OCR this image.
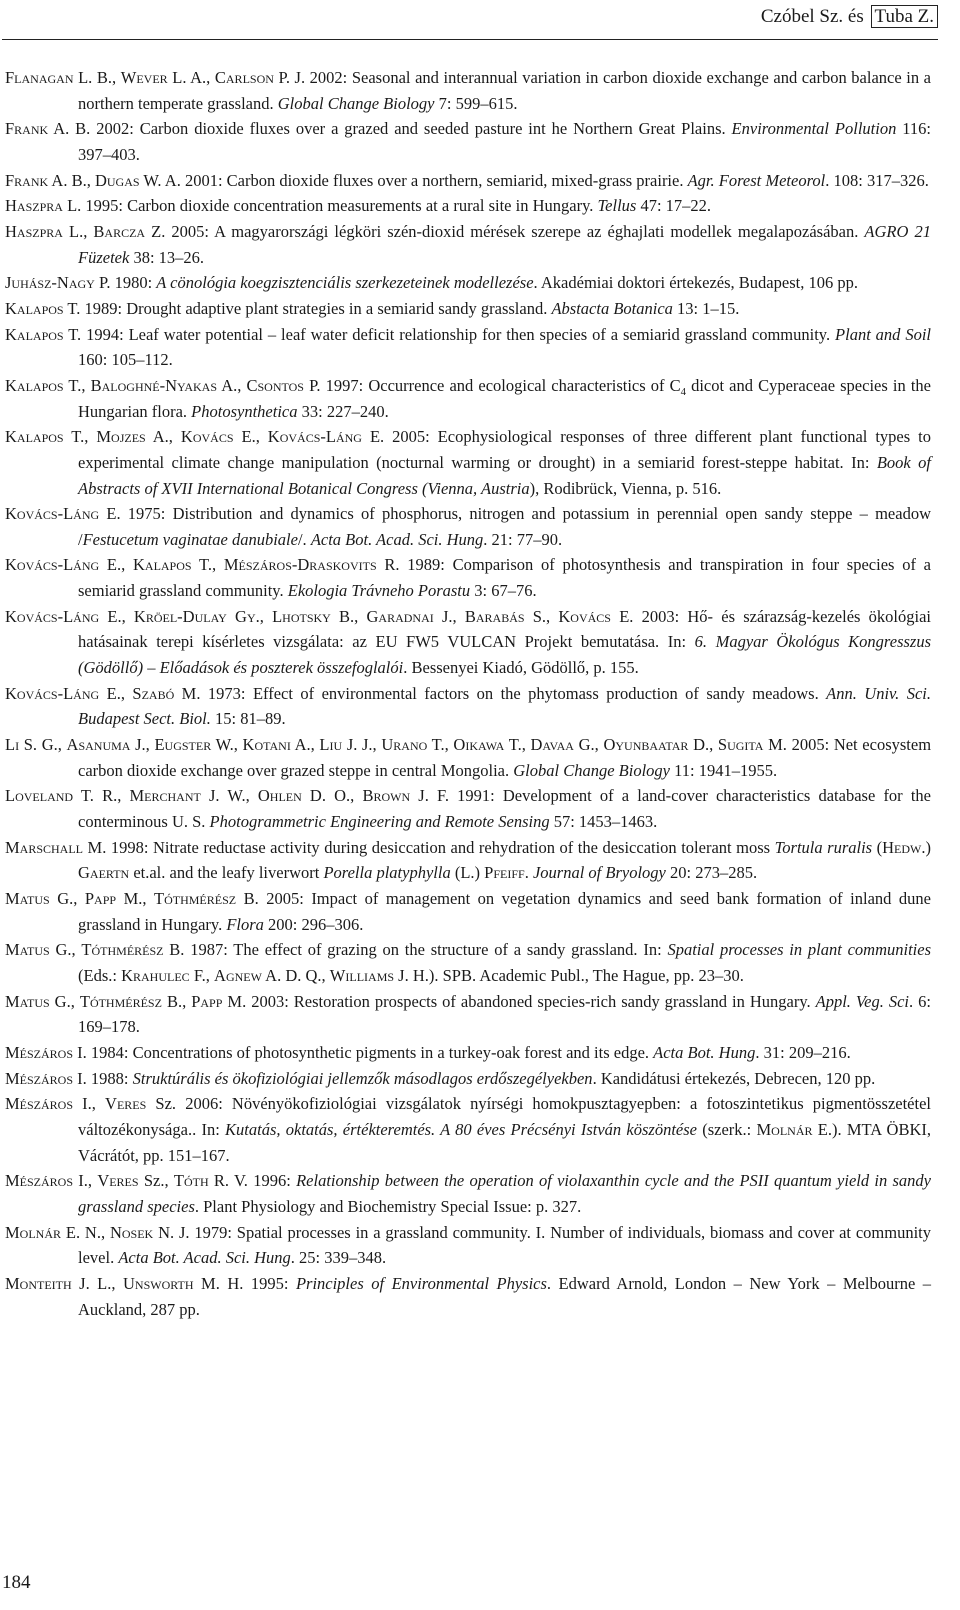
Czóbel Sz. és Tuba Z.

Flanagan L. B., Wever L. A., Carlson P. J. 2002: Seasonal and interannual variation in carbon dioxide exchange and carbon balance in a northern temperate grassland. Global Change Biology 7: 599–615.

Frank A. B. 2002: Carbon dioxide fluxes over a grazed and seeded pasture int he Northern Great Plains. Environmental Pollution 116: 397–403.

Frank A. B., Dugas W. A. 2001: Carbon dioxide fluxes over a northern, semiarid, mixed-grass prairie. Agr. Forest Meteorol. 108: 317–326.

Haszpra L. 1995: Carbon dioxide concentration measurements at a rural site in Hungary. Tellus 47: 17–22.

Haszpra L., Barcza Z. 2005: A magyarországi légköri szén-dioxid mérések szerepe az éghajlati modellek megalapozásában. AGRO 21 Füzetek 38: 13–26.

Juhász-Nagy P. 1980: A cönológia koegzisztenciális szerkezeteinek modellezése. Akadémiai doktori értekezés, Budapest, 106 pp.

Kalapos T. 1989: Drought adaptive plant strategies in a semiarid sandy grassland. Abstacta Botanica 13: 1–15.

Kalapos T. 1994: Leaf water potential – leaf water deficit relationship for then species of a semiarid grassland community. Plant and Soil 160: 105–112.

Kalapos T., Baloghné-Nyakas A., Csontos P. 1997: Occurrence and ecological characteristics of $C_4$ dicot and Cyperaceae species in the Hungarian flora. Photosynthetica 33: 227–240.

Kalapos T., Mojzes A., Kovács E., Kovács-Láng E. 2005: Ecophysiological responses of three different plant functional types to experimental climate change manipulation (nocturnal warming or drought) in a semiarid forest-steppe habitat. In: Book of Abstracts of XVII International Botanical Congress (Vienna, Austria), Rodibrück, Vienna, p. 516.

Kovács-Láng E. 1975: Distribution and dynamics of phosphorus, nitrogen and potassium in perennial open sandy steppe – meadow /Festucetum vaginatae danubiale/. Acta Bot. Acad. Sci. Hung. 21: 77–90.

Kovács-Láng E., Kalapos T., Mészáros-Draskovits R. 1989: Comparison of photosynthesis and transpiration in four species of a semiarid grassland community. Ekologia Trávneho Porastu 3: 67–76.

Kovács-Láng E., Kröel-Dulay Gy., Lhotsky B., Garadnai J., Barabás S., Kovács E. 2003: Hő- és szárazság-kezelés ökológiai hatásainak terepi kísérletes vizsgálata: az EU FW5 VULCAN Projekt bemutatása. In: 6. Magyar Ökológus Kongresszus (Gödöllő) – Előadások és poszterek összefoglalói. Bessenyei Kiadó, Gödöllő, p. 155.

Kovács-Láng E., Szabó M. 1973: Effect of environmental factors on the phytomass production of sandy meadows. Ann. Univ. Sci. Budapest Sect. Biol. 15: 81–89.

Li S. G., Asanuma J., Eugster W., Kotani A., Liu J. J., Urano T., Oikawa T., Davaa G., Oyunbaatar D., Sugita M. 2005: Net ecosystem carbon dioxide exchange over grazed steppe in central Mongolia. Global Change Biology 11: 1941–1955.

Loveland T. R., Merchant J. W., Ohlen D. O., Brown J. F. 1991: Development of a land-cover characteristics database for the conterminous U. S. Photogrammetric Engineering and Remote Sensing 57: 1453–1463.

Marschall M. 1998: Nitrate reductase activity during desiccation and rehydration of the desiccation tolerant moss Tortula ruralis (Hedw.) Gaertn et.al. and the leafy liverwort Porella platyphylla (L.) Pfeiff. Journal of Bryology 20: 273–285.

Matus G., Papp M., Tóthmérész B. 2005: Impact of management on vegetation dynamics and seed bank formation of inland dune grassland in Hungary. Flora 200: 296–306.

Matus G., Tóthmérész B. 1987: The effect of grazing on the structure of a sandy grassland. In: Spatial processes in plant communities (Eds.: Krahulec F., Agnew A. D. Q., Williams J. H.). SPB. Academic Publ., The Hague, pp. 23–30.

Matus G., Tóthmérész B., Papp M. 2003: Restoration prospects of abandoned species-rich sandy grassland in Hungary. Appl. Veg. Sci. 6: 169–178.

Mészáros I. 1984: Concentrations of photosynthetic pigments in a turkey-oak forest and its edge. Acta Bot. Hung. 31: 209–216.

Mészáros I. 1988: Struktúrális és ökofiziológiai jellemzők másodlagos erdőszegélyekben. Kandidátusi értekezés, Debrecen, 120 pp.

Mészáros I., Veres Sz. 2006: Növényökofiziológiai vizsgálatok nyírségi homokpusztagyepben: a fotoszintetikus pigmentösszetétel változékonysága.. In: Kutatás, oktatás, értékteremtés. A 80 éves Précsényi István köszöntése (szerk.: Molnár E.). MTA ÖBKI, Vácrátót, pp. 151–167.

Mészáros I., Veres Sz., Tóth R. V. 1996: Relationship between the operation of violaxanthin cycle and the PSII quantum yield in sandy grassland species. Plant Physiology and Biochemistry Special Issue: p. 327.

Molnár E. N., Nosek N. J. 1979: Spatial processes in a grassland community. I. Number of individuals, biomass and cover at community level. Acta Bot. Acad. Sci. Hung. 25: 339–348.

Monteith J. L., Unsworth M. H. 1995: Principles of Environmental Physics. Edward Arnold, London – New York – Melbourne – Auckland, 287 pp.

184
